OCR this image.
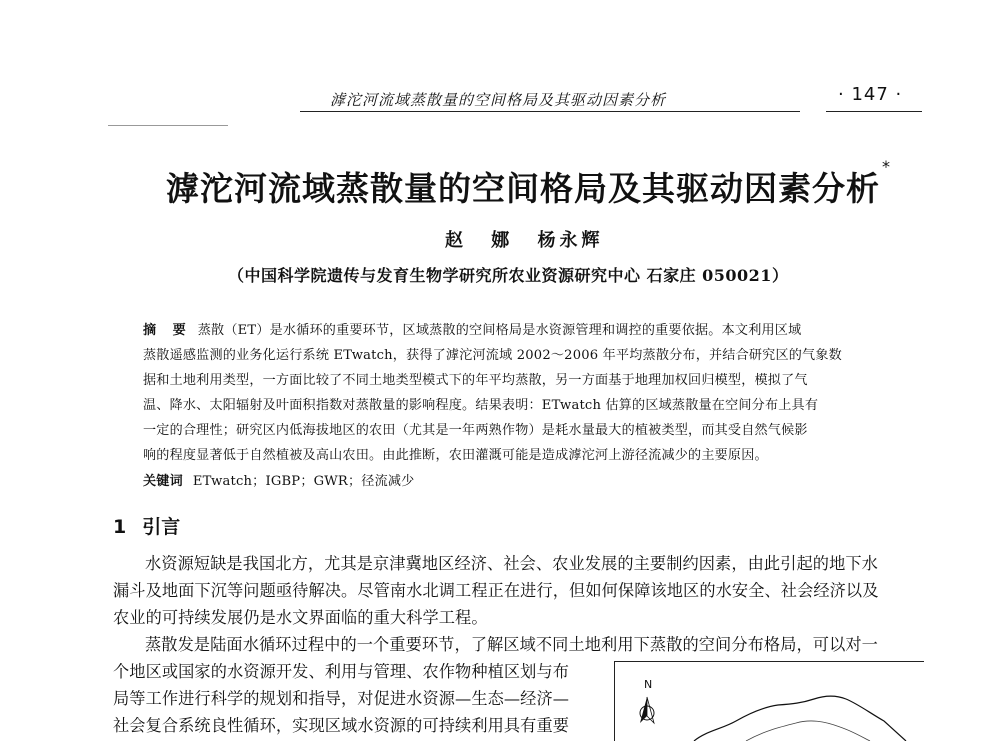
滹沱河流域蒸散量的空间格局及其驱动因素分析	· 147 ·
滹沱河流域蒸散量的空间格局及其驱动因素分析*
赵 娜 杨永辉
（中国科学院遗传与发育生物学研究所农业资源研究中心 石家庄 050021）
摘 要 蒸散（ET）是水循环的重要环节，区域蒸散的空间格局是水资源管理和调控的重要依据。本文利用区域
蒸散遥感监测的业务化运行系统 ETwatch，获得了滹沱河流域 2002～2006 年平均蒸散分布，并结合研究区的气象数
据和土地利用类型，一方面比较了不同土地类型模式下的年平均蒸散，另一方面基于地理加权回归模型，模拟了气
温、降水、太阳辐射及叶面积指数对蒸散量的影响程度。结果表明：ETwatch 估算的区域蒸散量在空间分布上具有
一定的合理性；研究区内低海拔地区的农田（尤其是一年两熟作物）是耗水量最大的植被类型，而其受自然气候影
响的程度显著低于自然植被及高山农田。由此推断，农田灌溉可能是造成滹沱河上游径流减少的主要原因。
关键词 ETwatch；IGBP；GWR；径流减少
1 引言
水资源短缺是我国北方，尤其是京津冀地区经济、社会、农业发展的主要制约因素，由此引起的地下水
漏斗及地面下沉等问题亟待解决。尽管南水北调工程正在进行，但如何保障该地区的水安全、社会经济以及
农业的可持续发展仍是水文界面临的重大科学工程。
蒸散发是陆面水循环过程中的一个重要环节，了解区域不同土地利用下蒸散的空间分布格局，可以对一
个地区或国家的水资源开发、利用与管理、农作物种植区划与布
局等工作进行科学的规划和指导，对促进水资源—生态—经济—
社会复合系统良性循环，实现区域水资源的可持续利用具有重要
N
